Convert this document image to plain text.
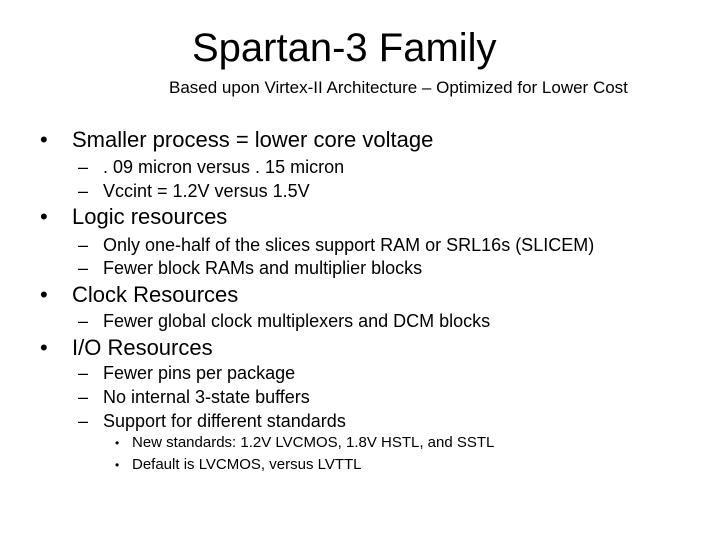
Spartan-3 Family
Based upon Virtex-II Architecture – Optimized for Lower Cost
• Smaller process = lower core voltage
– . 09 micron versus . 15 micron
– Vccint = 1.2V versus 1.5V
• Logic resources
– Only one-half of the slices support RAM or SRL16s (SLICEM)
– Fewer block RAMs and multiplier blocks
• Clock Resources
– Fewer global clock multiplexers and DCM blocks
• I/O Resources
– Fewer pins per package
– No internal 3-state buffers
– Support for different standards
• New standards: 1.2V LVCMOS, 1.8V HSTL, and SSTL
• Default is LVCMOS, versus LVTTL
